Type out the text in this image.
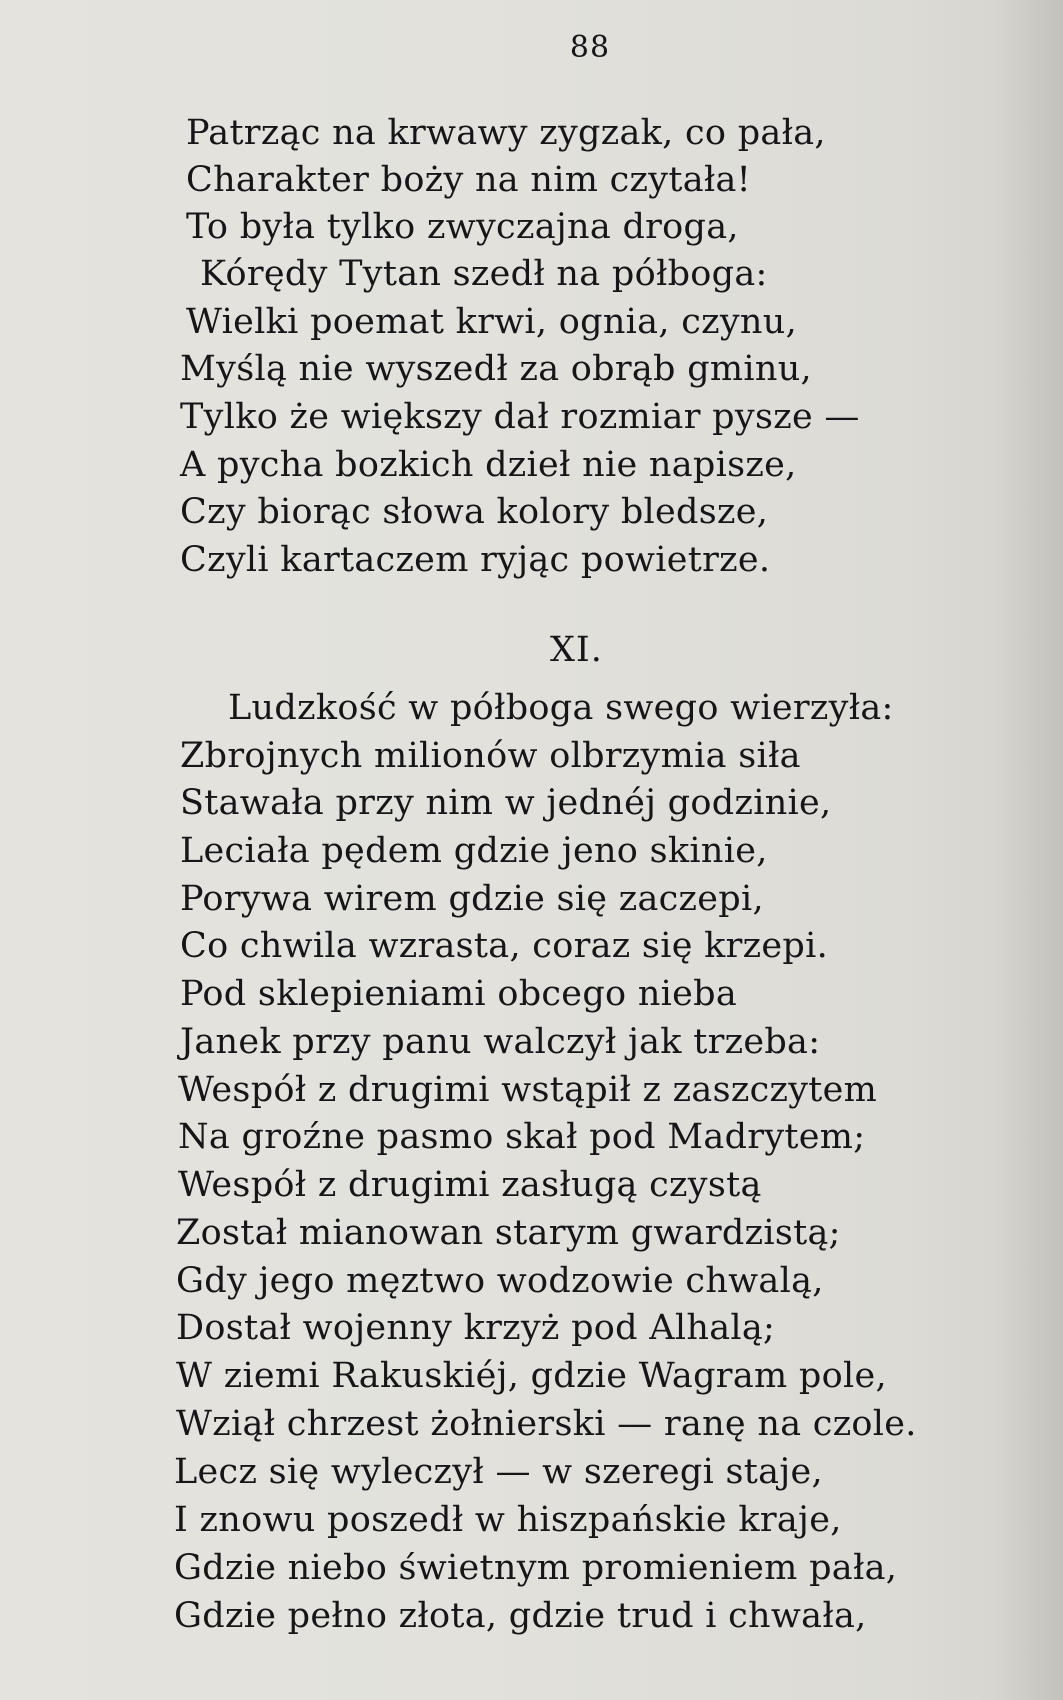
88
Patrząc na krwawy zygzak, co pała,
Charakter boży na nim czytała!
To była tylko zwyczajna droga,
Kórędy Tytan szedł na półboga:
Wielki poemat krwi, ognia, czynu,
Myślą nie wyszedł za obrąb gminu,
Tylko że większy dał rozmiar pysze —
A pycha bozkich dzieł nie napisze,
Czy biorąc słowa kolory bledsze,
Czyli kartaczem ryjąc powietrze.
XI.
Ludzkość w półboga swego wierzyła:
Zbrojnych milionów olbrzymia siła
Stawała przy nim w jednéj godzinie,
Leciała pędem gdzie jeno skinie,
Porywa wirem gdzie się zaczepi,
Co chwila wzrasta, coraz się krzepi.
Pod sklepieniami obcego nieba
Janek przy panu walczył jak trzeba:
Wespół z drugimi wstąpił z zaszczytem
Na groźne pasmo skał pod Madrytem;
Wespół z drugimi zasługą czystą
Został mianowan starym gwardzistą;
Gdy jego męztwo wodzowie chwalą,
Dostał wojenny krzyż pod Alhalą;
W ziemi Rakuskiéj, gdzie Wagram pole,
Wziął chrzest żołnierski — ranę na czole.
Lecz się wyleczył — w szeregi staje,
I znowu poszedł w hiszpańskie kraje,
Gdzie niebo świetnym promieniem pała,
Gdzie pełno złota, gdzie trud i chwała,
